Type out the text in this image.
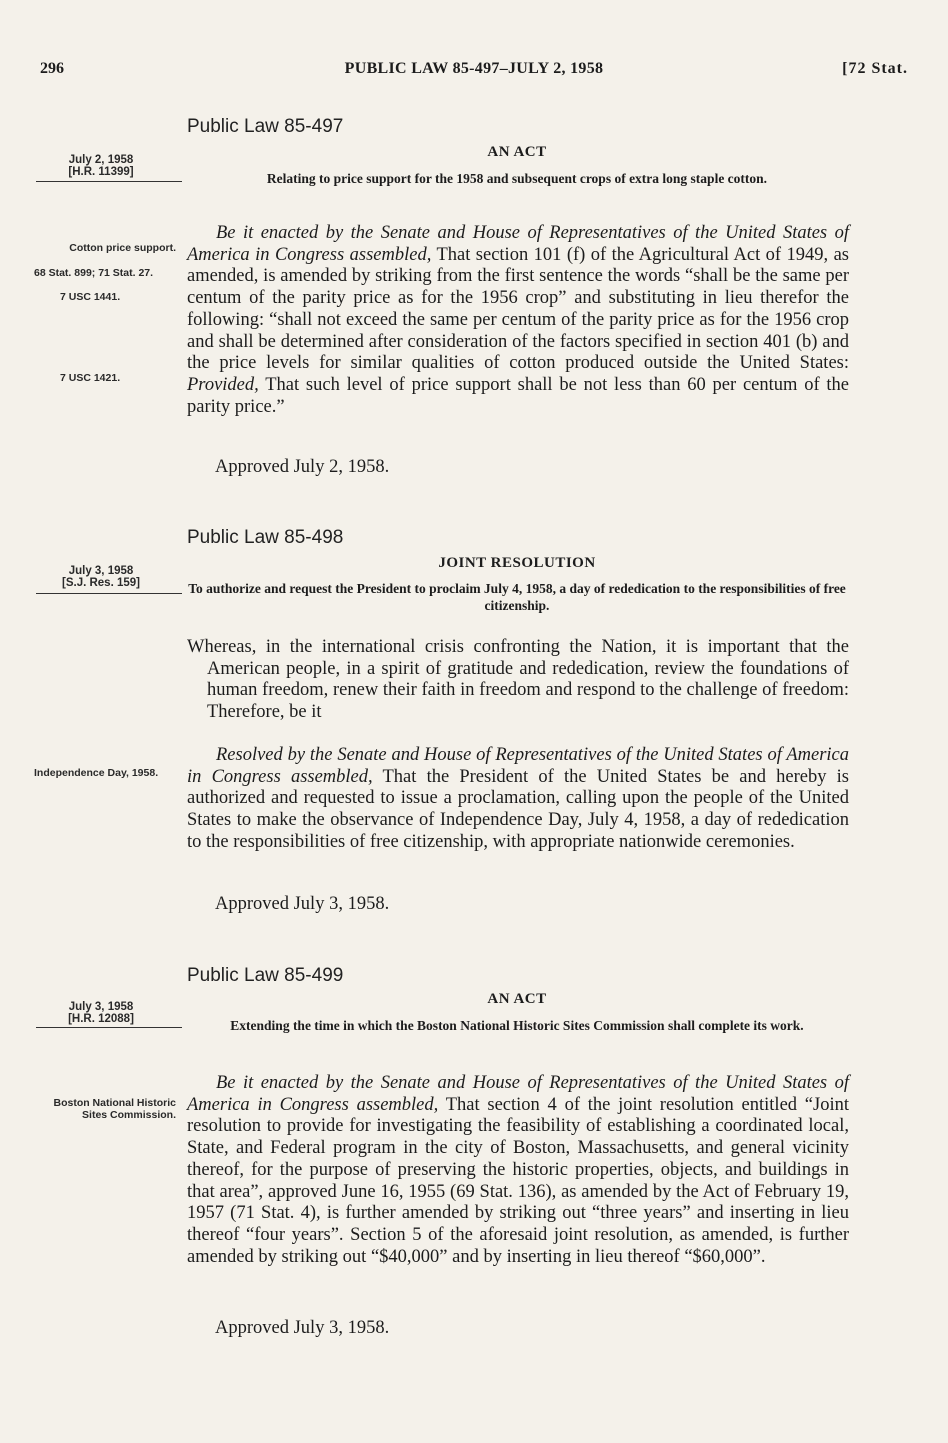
296	PUBLIC LAW 85-497–JULY 2, 1958	[72 Stat.
Public Law 85-497
AN ACT
July 2, 1958
[H.R. 11399]	Relating to price support for the 1958 and subsequent crops of extra long staple cotton.
Cotton price support.
68 Stat. 899; 71 Stat. 27.
7 USC 1441.
7 USC 1421.

Be it enacted by the Senate and House of Representatives of the United States of America in Congress assembled, That section 101 (f) of the Agricultural Act of 1949, as amended, is amended by striking from the first sentence the words “shall be the same per centum of the parity price as for the 1956 crop” and substituting in lieu therefor the following: “shall not exceed the same per centum of the parity price as for the 1956 crop and shall be determined after consideration of the factors specified in section 401 (b) and the price levels for similar qualities of cotton produced outside the United States: Provided, That such level of price support shall be not less than 60 per centum of the parity price.”

Approved July 2, 1958.
Public Law 85-498
JOINT RESOLUTION
July 3, 1958
[S.J. Res. 159]	To authorize and request the President to proclaim July 4, 1958, a day of rededication to the responsibilities of free citizenship.
Whereas, in the international crisis confronting the Nation, it is important that the American people, in a spirit of gratitude and rededication, review the foundations of human freedom, renew their faith in freedom and respond to the challenge of freedom: Therefore, be it
Independence Day, 1958.

Resolved by the Senate and House of Representatives of the United States of America in Congress assembled, That the President of the United States be and hereby is authorized and requested to issue a proclamation, calling upon the people of the United States to make the observance of Independence Day, July 4, 1958, a day of rededication to the responsibilities of free citizenship, with appropriate nationwide ceremonies.

Approved July 3, 1958.
Public Law 85-499
AN ACT
July 3, 1958
[H.R. 12088]	Extending the time in which the Boston National Historic Sites Commission shall complete its work.
Boston National Historic Sites Commission.

Be it enacted by the Senate and House of Representatives of the United States of America in Congress assembled, That section 4 of the joint resolution entitled “Joint resolution to provide for investigating the feasibility of establishing a coordinated local, State, and Federal program in the city of Boston, Massachusetts, and general vicinity thereof, for the purpose of preserving the historic properties, objects, and buildings in that area”, approved June 16, 1955 (69 Stat. 136), as amended by the Act of February 19, 1957 (71 Stat. 4), is further amended by striking out “three years” and inserting in lieu thereof “four years”. Section 5 of the aforesaid joint resolution, as amended, is further amended by striking out “$40,000” and by inserting in lieu thereof “$60,000”.

Approved July 3, 1958.
